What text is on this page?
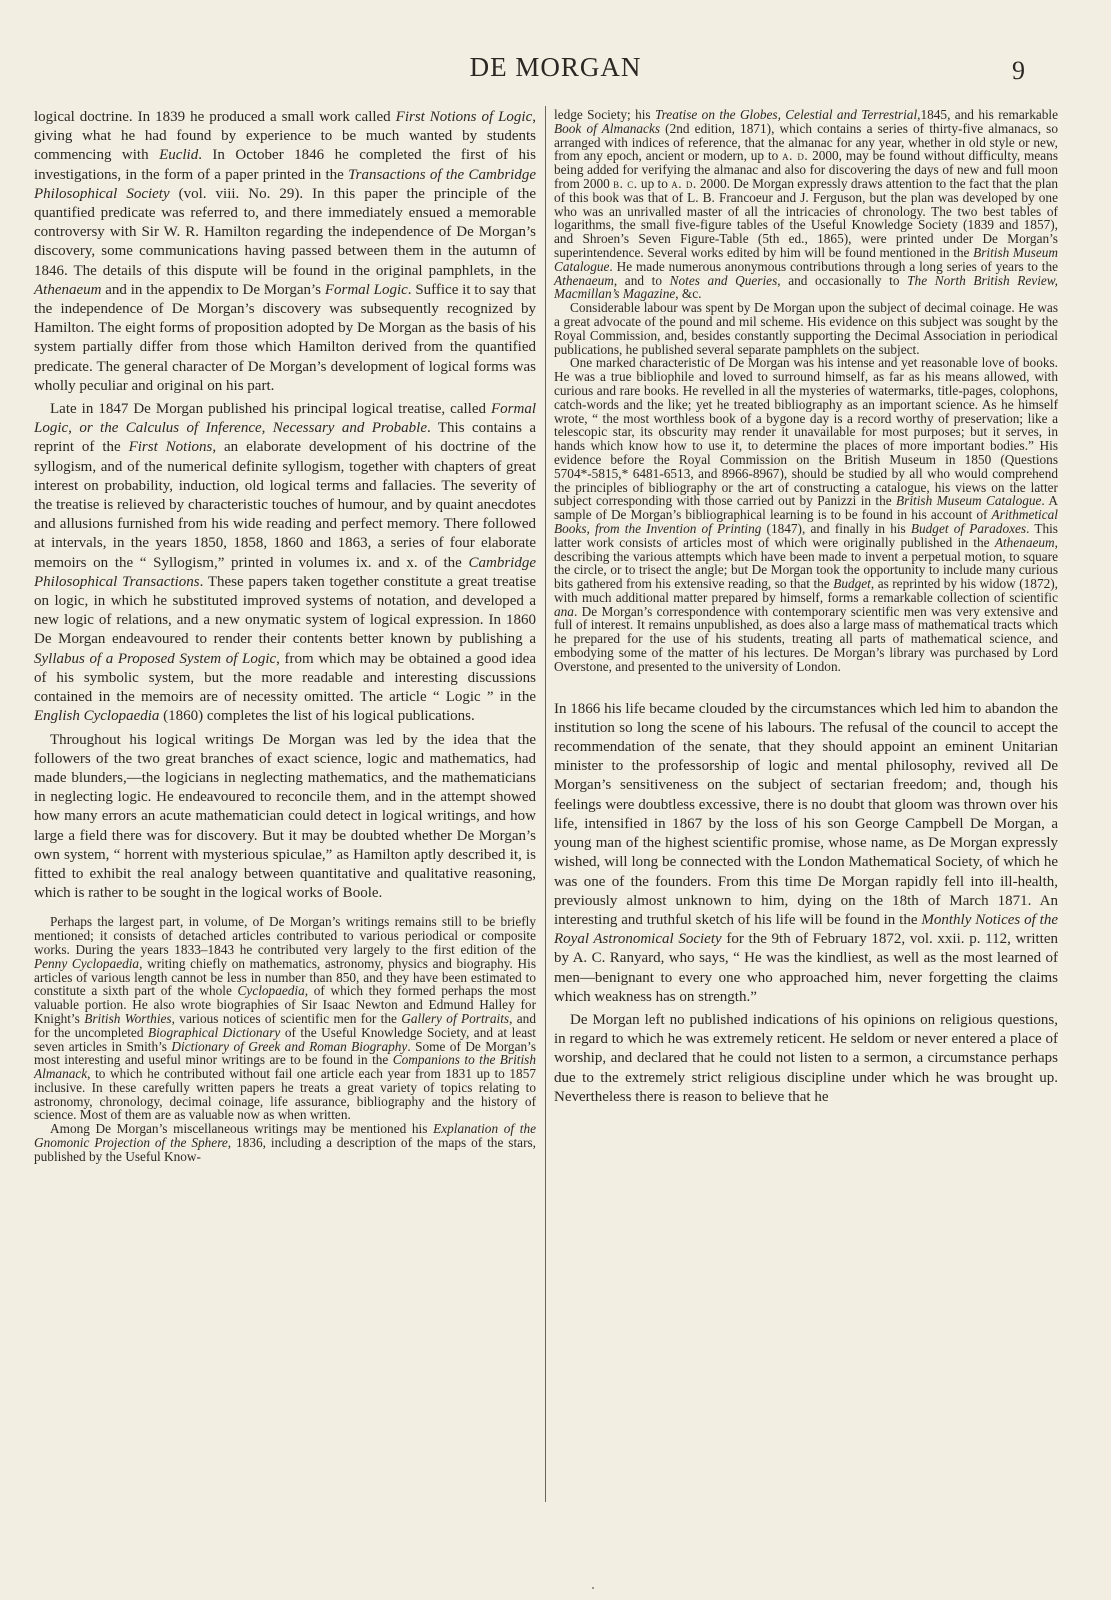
DE MORGAN	9

logical doctrine. In 1839 he produced a small work called First Notions of Logic, giving what he had found by experience to be much wanted by students commencing with Euclid. In October 1846 he completed the first of his investigations, in the form of a paper printed in the Transactions of the Cambridge Philosophical Society (vol. viii. No. 29). In this paper the principle of the quantified predicate was referred to, and there immediately ensued a memorable controversy with Sir W. R. Hamilton regarding the independence of De Morgan’s discovery, some communications having passed between them in the autumn of 1846. The details of this dispute will be found in the original pamphlets, in the Athenaeum and in the appendix to De Morgan’s Formal Logic. Suffice it to say that the independence of De Morgan’s discovery was subsequently recognized by Hamilton. The eight forms of proposition adopted by De Morgan as the basis of his system partially differ from those which Hamilton derived from the quantified predicate. The general character of De Morgan’s development of logical forms was wholly peculiar and original on his part.

Late in 1847 De Morgan published his principal logical treatise, called Formal Logic, or the Calculus of Inference, Necessary and Probable. This contains a reprint of the First Notions, an elaborate development of his doctrine of the syllogism, and of the numerical definite syllogism, together with chapters of great interest on probability, induction, old logical terms and fallacies. The severity of the treatise is relieved by characteristic touches of humour, and by quaint anecdotes and allusions furnished from his wide reading and perfect memory. There followed at intervals, in the years 1850, 1858, 1860 and 1863, a series of four elaborate memoirs on the “ Syllogism,” printed in volumes ix. and x. of the Cambridge Philosophical Transactions. These papers taken together constitute a great treatise on logic, in which he substituted improved systems of notation, and developed a new logic of relations, and a new onymatic system of logical expression. In 1860 De Morgan endeavoured to render their contents better known by publishing a Syllabus of a Proposed System of Logic, from which may be obtained a good idea of his symbolic system, but the more readable and interesting discussions contained in the memoirs are of necessity omitted. The article “ Logic ” in the English Cyclopaedia (1860) completes the list of his logical publications.

Throughout his logical writings De Morgan was led by the idea that the followers of the two great branches of exact science, logic and mathematics, had made blunders,—the logicians in neglecting mathematics, and the mathematicians in neglecting logic. He endeavoured to reconcile them, and in the attempt showed how many errors an acute mathematician could detect in logical writings, and how large a field there was for discovery. But it may be doubted whether De Morgan’s own system, “ horrent with mysterious spiculae,” as Hamilton aptly described it, is fitted to exhibit the real analogy between quantitative and qualitative reasoning, which is rather to be sought in the logical works of Boole.

Perhaps the largest part, in volume, of De Morgan’s writings remains still to be briefly mentioned; it consists of detached articles contributed to various periodical or composite works. During the years 1833–1843 he contributed very largely to the first edition of the Penny Cyclopaedia, writing chiefly on mathematics, astronomy, physics and biography. His articles of various length cannot be less in number than 850, and they have been estimated to constitute a sixth part of the whole Cyclopaedia, of which they formed perhaps the most valuable portion. He also wrote biographies of Sir Isaac Newton and Edmund Halley for Knight’s British Worthies, various notices of scientific men for the Gallery of Portraits, and for the uncompleted Biographical Dictionary of the Useful Knowledge Society, and at least seven articles in Smith’s Dictionary of Greek and Roman Biography. Some of De Morgan’s most interesting and useful minor writings are to be found in the Companions to the British Almanack, to which he contributed without fail one article each year from 1831 up to 1857 inclusive. In these carefully written papers he treats a great variety of topics relating to astronomy, chronology, decimal coinage, life assurance, bibliography and the history of science. Most of them are as valuable now as when written.

Among De Morgan’s miscellaneous writings may be mentioned his Explanation of the Gnomonic Projection of the Sphere, 1836, including a description of the maps of the stars, published by the Useful Know-

ledge Society; his Treatise on the Globes, Celestial and Terrestrial,1845, and his remarkable Book of Almanacks (2nd edition, 1871), which contains a series of thirty-five almanacs, so arranged with indices of reference, that the almanac for any year, whether in old style or new, from any epoch, ancient or modern, up to a. d. 2000, may be found without difficulty, means being added for verifying the almanac and also for discovering the days of new and full moon from 2000 b. c. up to a. d. 2000. De Morgan expressly draws attention to the fact that the plan of this book was that of L. B. Francoeur and J. Ferguson, but the plan was developed by one who was an unrivalled master of all the intricacies of chronology. The two best tables of logarithms, the small five-figure tables of the Useful Knowledge Society (1839 and 1857), and Shroen’s Seven Figure-Table (5th ed., 1865), were printed under De Morgan’s superintendence. Several works edited by him will be found mentioned in the British Museum Catalogue. He made numerous anonymous contributions through a long series of years to the Athenaeum, and to Notes and Queries, and occasionally to The North British Review, Macmillan’s Magazine, &c.

Considerable labour was spent by De Morgan upon the subject of decimal coinage. He was a great advocate of the pound and mil scheme. His evidence on this subject was sought by the Royal Commission, and, besides constantly supporting the Decimal Association in periodical publications, he published several separate pamphlets on the subject.

One marked characteristic of De Morgan was his intense and yet reasonable love of books. He was a true bibliophile and loved to surround himself, as far as his means allowed, with curious and rare books. He revelled in all the mysteries of watermarks, title-pages, colophons, catch-words and the like; yet he treated bibliography as an important science. As he himself wrote, “ the most worthless book of a bygone day is a record worthy of preservation; like a telescopic star, its obscurity may render it unavailable for most purposes; but it serves, in hands which know how to use it, to determine the places of more important bodies.” His evidence before the Royal Commission on the British Museum in 1850 (Questions 5704*-5815,* 6481-6513, and 8966-8967), should be studied by all who would comprehend the principles of bibliography or the art of constructing a catalogue, his views on the latter subject corresponding with those carried out by Panizzi in the British Museum Catalogue. A sample of De Morgan’s bibliographical learning is to be found in his account of Arithmetical Books, from the Invention of Printing (1847), and finally in his Budget of Paradoxes. This latter work consists of articles most of which were originally published in the Athenaeum, describing the various attempts which have been made to invent a perpetual motion, to square the circle, or to trisect the angle; but De Morgan took the opportunity to include many curious bits gathered from his extensive reading, so that the Budget, as reprinted by his widow (1872), with much additional matter prepared by himself, forms a remarkable collection of scientific ana. De Morgan’s correspondence with contemporary scientific men was very extensive and full of interest. It remains unpublished, as does also a large mass of mathematical tracts which he prepared for the use of his students, treating all parts of mathematical science, and embodying some of the matter of his lectures. De Morgan’s library was purchased by Lord Overstone, and presented to the university of London.

In 1866 his life became clouded by the circumstances which led him to abandon the institution so long the scene of his labours. The refusal of the council to accept the recommendation of the senate, that they should appoint an eminent Unitarian minister to the professorship of logic and mental philosophy, revived all De Morgan’s sensitiveness on the subject of sectarian freedom; and, though his feelings were doubtless excessive, there is no doubt that gloom was thrown over his life, intensified in 1867 by the loss of his son George Campbell De Morgan, a young man of the highest scientific promise, whose name, as De Morgan expressly wished, will long be connected with the London Mathematical Society, of which he was one of the founders. From this time De Morgan rapidly fell into ill-health, previously almost unknown to him, dying on the 18th of March 1871. An interesting and truthful sketch of his life will be found in the Monthly Notices of the Royal Astronomical Society for the 9th of February 1872, vol. xxii. p. 112, written by A. C. Ranyard, who says, “ He was the kindliest, as well as the most learned of men—benignant to every one who approached him, never forgetting the claims which weakness has on strength.”

De Morgan left no published indications of his opinions on religious questions, in regard to which he was extremely reticent. He seldom or never entered a place of worship, and declared that he could not listen to a sermon, a circumstance perhaps due to the extremely strict religious discipline under which he was brought up. Nevertheless there is reason to believe that he
